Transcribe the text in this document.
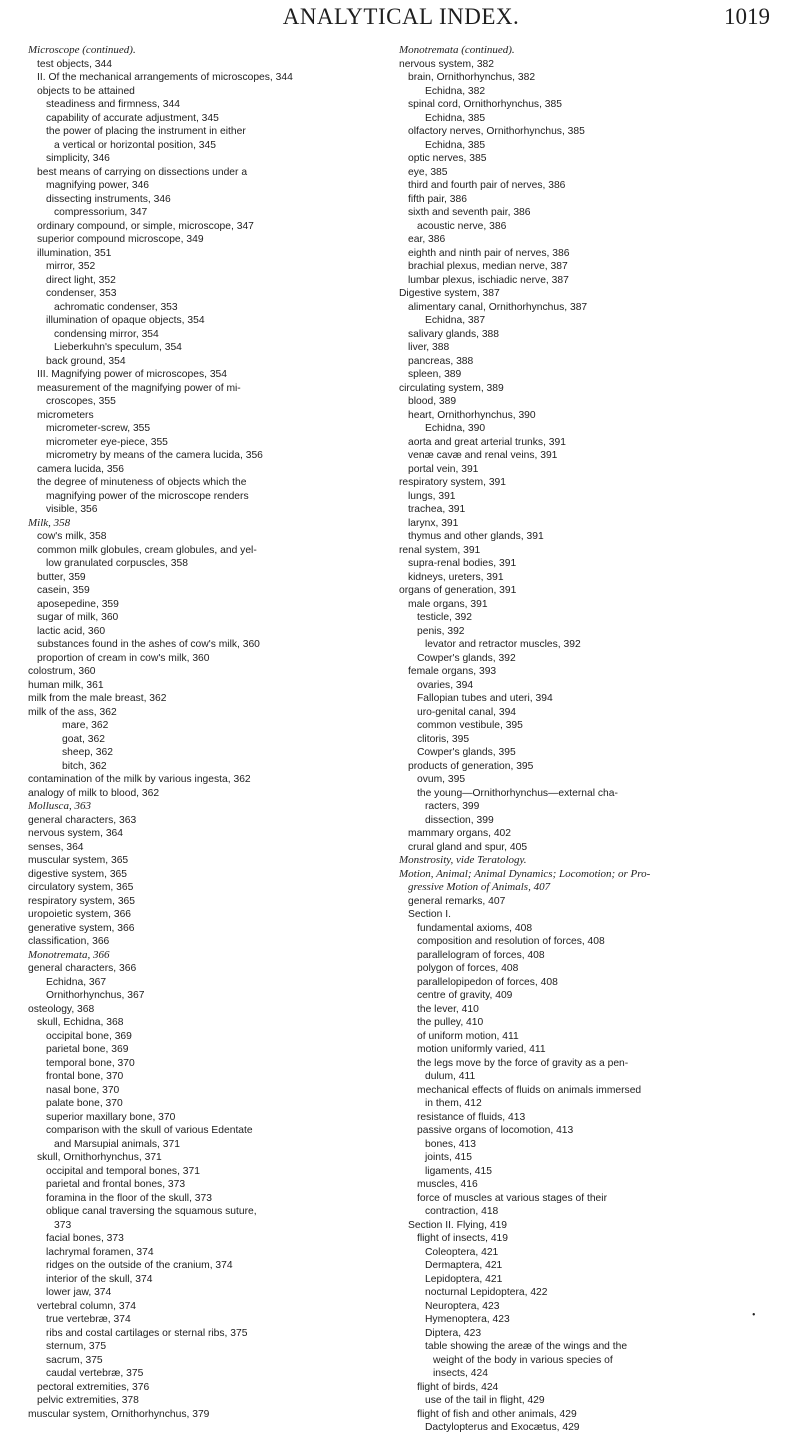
ANALYTICAL INDEX.	1019
Microscope (continued).
test objects, 344
II. Of the mechanical arrangements of microscopes, 344
objects to be attained
steadiness and firmness, 344
capability of accurate adjustment, 345
the power of placing the instrument in either
a vertical or horizontal position, 345
simplicity, 346
best means of carrying on dissections under a
magnifying power, 346
dissecting instruments, 346
compressorium, 347
ordinary compound, or simple, microscope, 347
superior compound microscope, 349
illumination, 351
mirror, 352
direct light, 352
condenser, 353
achromatic condenser, 353
illumination of opaque objects, 354
condensing mirror, 354
Lieberkuhn's speculum, 354
back ground, 354
III. Magnifying power of microscopes, 354
measurement of the magnifying power of mi-
croscopes, 355
micrometers
micrometer-screw, 355
micrometer eye-piece, 355
micrometry by means of the camera lucida, 356
camera lucida, 356
the degree of minuteness of objects which the
magnifying power of the microscope renders
visible, 356
Milk, 358
cow's milk, 358
common milk globules, cream globules, and yel-
low granulated corpuscles, 358
butter, 359
casein, 359
aposepedine, 359
sugar of milk, 360
lactic acid, 360
substances found in the ashes of cow's milk, 360
proportion of cream in cow's milk, 360
colostrum, 360
human milk, 361
milk from the male breast, 362
milk of the ass, 362
mare, 362
goat, 362
sheep, 362
bitch, 362
contamination of the milk by various ingesta, 362
analogy of milk to blood, 362
Mollusca, 363
general characters, 363
nervous system, 364
senses, 364
muscular system, 365
digestive system, 365
circulatory system, 365
respiratory system, 365
uropoietic system, 366
generative system, 366
classification, 366
Monotremata, 366
general characters, 366
Echidna, 367
Ornithorhynchus, 367
osteology, 368
skull, Echidna, 368
occipital bone, 369
parietal bone, 369
temporal bone, 370
frontal bone, 370
nasal bone, 370
palate bone, 370
superior maxillary bone, 370
comparison with the skull of various Edentate
and Marsupial animals, 371
skull, Ornithorhynchus, 371
occipital and temporal bones, 371
parietal and frontal bones, 373
foramina in the floor of the skull, 373
oblique canal traversing the squamous suture,
373
facial bones, 373
lachrymal foramen, 374
ridges on the outside of the cranium, 374
interior of the skull, 374
lower jaw, 374
vertebral column, 374
true vertebræ, 374
ribs and costal cartilages or sternal ribs, 375
sternum, 375
sacrum, 375
caudal vertebræ, 375
pectoral extremities, 376
pelvic extremities, 378
muscular system, Ornithorhynchus, 379
Monotremata (continued).
nervous system, 382
brain, Ornithorhynchus, 382
Echidna, 382
spinal cord, Ornithorhynchus, 385
Echidna, 385
olfactory nerves, Ornithorhynchus, 385
Echidna, 385
optic nerves, 385
eye, 385
third and fourth pair of nerves, 386
fifth pair, 386
sixth and seventh pair, 386
acoustic nerve, 386
ear, 386
eighth and ninth pair of nerves, 386
brachial plexus, median nerve, 387
lumbar plexus, ischiadic nerve, 387
Digestive system, 387
alimentary canal, Ornithorhynchus, 387
Echidna, 387
salivary glands, 388
liver, 388
pancreas, 388
spleen, 389
circulating system, 389
blood, 389
heart, Ornithorhynchus, 390
Echidna, 390
aorta and great arterial trunks, 391
venæ cavæ and renal veins, 391
portal vein, 391
respiratory system, 391
lungs, 391
trachea, 391
larynx, 391
thymus and other glands, 391
renal system, 391
supra-renal bodies, 391
kidneys, ureters, 391
organs of generation, 391
male organs, 391
testicle, 392
penis, 392
levator and retractor muscles, 392
Cowper's glands, 392
female organs, 393
ovaries, 394
Fallopian tubes and uteri, 394
uro-genital canal, 394
common vestibule, 395
clitoris, 395
Cowper's glands, 395
products of generation, 395
ovum, 395
the young—Ornithorhynchus—external cha-
racters, 399
dissection, 399
mammary organs, 402
crural gland and spur, 405
Monstrosity, vide Teratology.
Motion, Animal; Animal Dynamics; Locomotion; or Pro-
gressive Motion of Animals, 407
general remarks, 407
Section I.
fundamental axioms, 408
composition and resolution of forces, 408
parallelogram of forces, 408
polygon of forces, 408
parallelopipedon of forces, 408
centre of gravity, 409
the lever, 410
the pulley, 410
of uniform motion, 411
motion uniformly varied, 411
the legs move by the force of gravity as a pen-
dulum, 411
mechanical effects of fluids on animals immersed
in them, 412
resistance of fluids, 413
passive organs of locomotion, 413
bones, 413
joints, 415
ligaments, 415
muscles, 416
force of muscles at various stages of their
contraction, 418
Section II. Flying, 419
flight of insects, 419
Coleoptera, 421
Dermaptera, 421
Lepidoptera, 421
nocturnal Lepidoptera, 422
Neuroptera, 423
Hymenoptera, 423
Diptera, 423
table showing the areæ of the wings and the
weight of the body in various species of
insects, 424
flight of birds, 424
use of the tail in flight, 429
flight of fish and other animals, 429
Dactylopterus and Exocætus, 429
•
